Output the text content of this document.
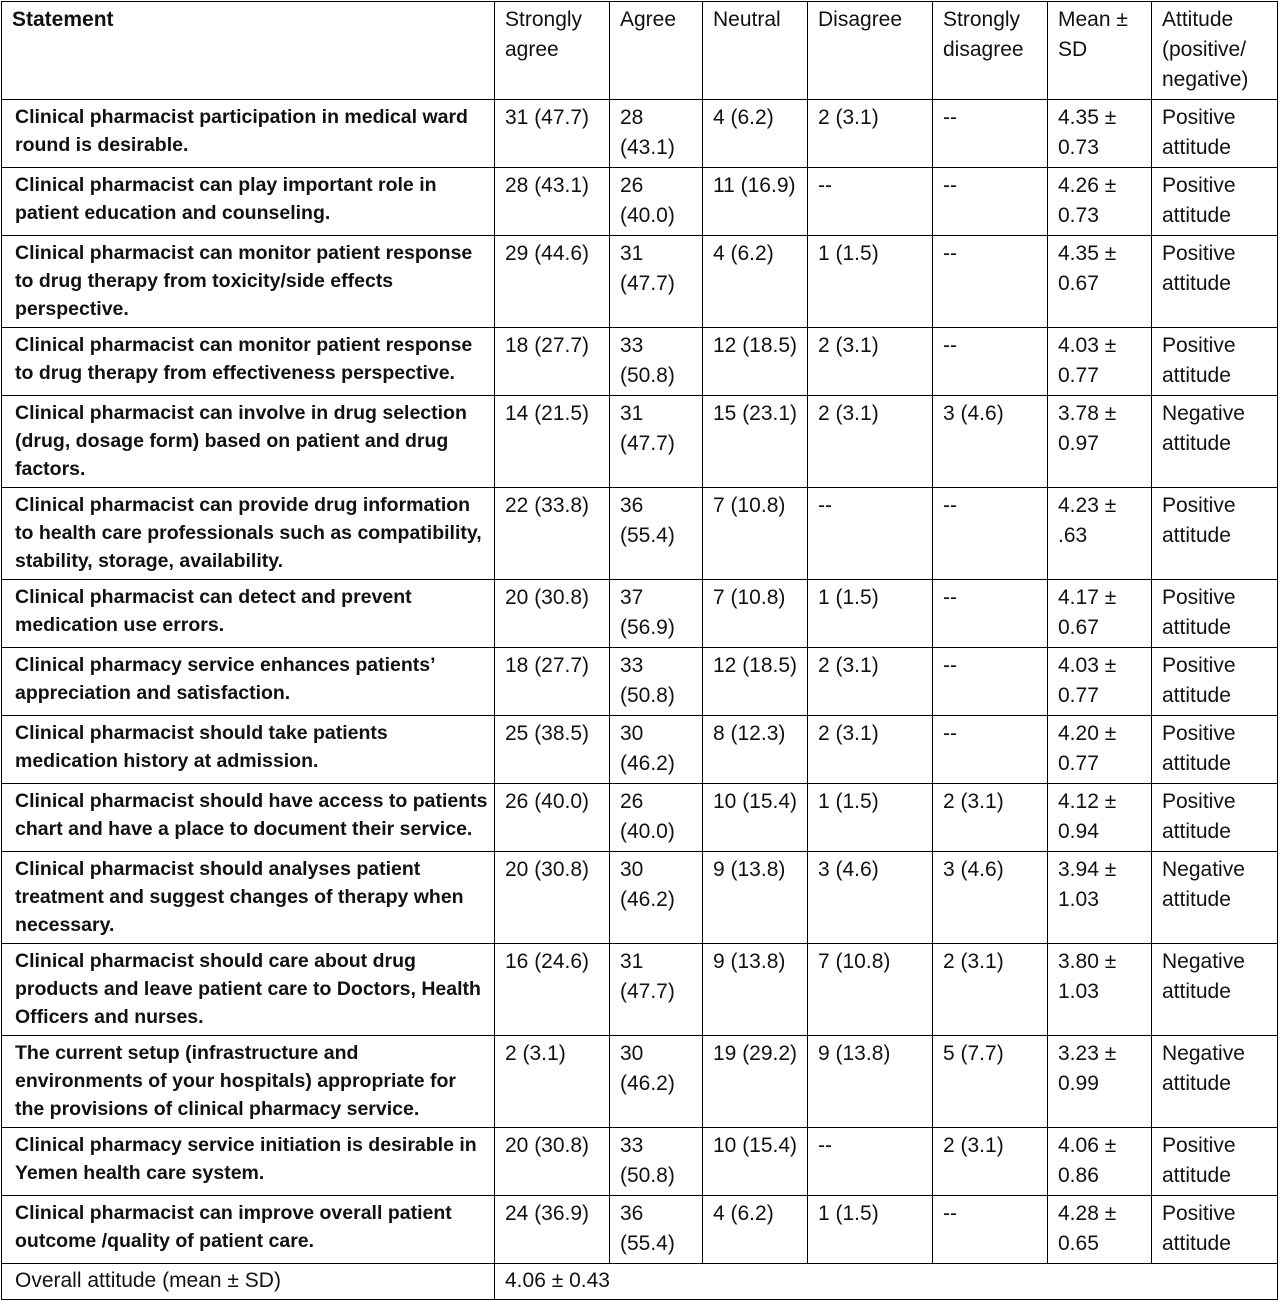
Statement	Strongly agree	Agree	Neutral	Disagree	Strongly disagree	Mean ± SD	Attitude (positive/ negative)
Clinical pharmacist participation in medical ward round is desirable.	31 (47.7)	28 (43.1)	4 (6.2)	2 (3.1)	--	4.35 ± 0.73	Positive attitude
Clinical pharmacist can play important role in patient education and counseling.	28 (43.1)	26 (40.0)	11 (16.9)	--	--	4.26 ± 0.73	Positive attitude
Clinical pharmacist can monitor patient response to drug therapy from toxicity/side effects perspective.	29 (44.6)	31 (47.7)	4 (6.2)	1 (1.5)	--	4.35 ± 0.67	Positive attitude
Clinical pharmacist can monitor patient response to drug therapy from effectiveness perspective.	18 (27.7)	33 (50.8)	12 (18.5)	2 (3.1)	--	4.03 ± 0.77	Positive attitude
Clinical pharmacist can involve in drug selection (drug, dosage form) based on patient and drug factors.	14 (21.5)	31 (47.7)	15 (23.1)	2 (3.1)	3 (4.6)	3.78 ± 0.97	Negative attitude
Clinical pharmacist can provide drug information to health care professionals such as compatibility, stability, storage, availability.	22 (33.8)	36 (55.4)	7 (10.8)	--	--	4.23 ± .63	Positive attitude
Clinical pharmacist can detect and prevent medication use errors.	20 (30.8)	37 (56.9)	7 (10.8)	1 (1.5)	--	4.17 ± 0.67	Positive attitude
Clinical pharmacy service enhances patients’ appreciation and satisfaction.	18 (27.7)	33 (50.8)	12 (18.5)	2 (3.1)	--	4.03 ± 0.77	Positive attitude
Clinical pharmacist should take patients medication history at admission.	25 (38.5)	30 (46.2)	8 (12.3)	2 (3.1)	--	4.20 ± 0.77	Positive attitude
Clinical pharmacist should have access to patients chart and have a place to document their service.	26 (40.0)	26 (40.0)	10 (15.4)	1 (1.5)	2 (3.1)	4.12 ± 0.94	Positive attitude
Clinical pharmacist should analyses patient treatment and suggest changes of therapy when necessary.	20 (30.8)	30 (46.2)	9 (13.8)	3 (4.6)	3 (4.6)	3.94 ± 1.03	Negative attitude
Clinical pharmacist should care about drug products and leave patient care to Doctors, Health Officers and nurses.	16 (24.6)	31 (47.7)	9 (13.8)	7 (10.8)	2 (3.1)	3.80 ± 1.03	Negative attitude
The current setup (infrastructure and environments of your hospitals) appropriate for the provisions of clinical pharmacy service.	2 (3.1)	30 (46.2)	19 (29.2)	9 (13.8)	5 (7.7)	3.23 ± 0.99	Negative attitude
Clinical pharmacy service initiation is desirable in Yemen health care system.	20 (30.8)	33 (50.8)	10 (15.4)	--	2 (3.1)	4.06 ± 0.86	Positive attitude
Clinical pharmacist can improve overall patient outcome /quality of patient care.	24 (36.9)	36 (55.4)	4 (6.2)	1 (1.5)	--	4.28 ± 0.65	Positive attitude
Overall attitude (mean ± SD)	4.06 ± 0.43						
